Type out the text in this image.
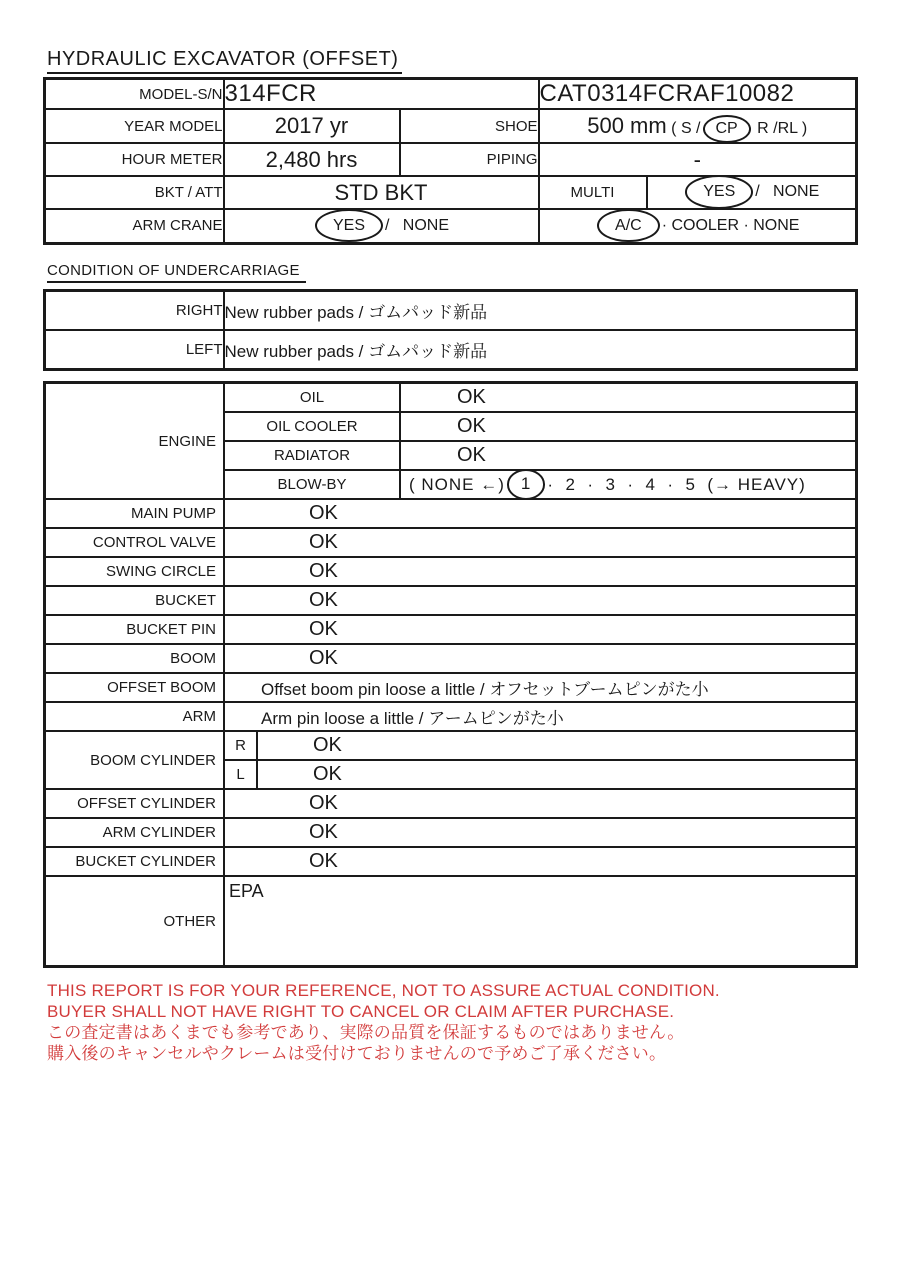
HYDRAULIC EXCAVATOR (OFFSET)
MODEL-S/N	314FCR		CAT0314FCRAF10082	
YEAR MODEL	2017 yr	SHOE	500 mm ( S / CP R /RL )	
HOUR METER	2,480 hrs	PIPING	-	
BKT / ATT	STD BKT		MULTI	YES /   NONE
ARM CRANE	YES /   NONE		A/C · COOLER · NONE	
CONDITION OF UNDERCARRIAGE
RIGHT	New rubber pads / ゴムパッド新品
LEFT	New rubber pads / ゴムパッド新品
ENGINE
OIL	OK
OIL COOLER	OK
RADIATOR	OK
BLOW-BY	( NONE ←) 1 ·  2  ·  3  ·  4  ·  5  (→ HEAVY)
MAIN PUMP	OK
CONTROL VALVE	OK
SWING CIRCLE	OK
BUCKET	OK
BUCKET PIN	OK
BOOM	OK
OFFSET BOOM	Offset boom pin loose a little / オフセットブームピンがた小
ARM	Arm pin loose a little / アームピンがた小
BOOM CYLINDER
R	OK
L	OK
OFFSET CYLINDER	OK
ARM CYLINDER	OK
BUCKET CYLINDER	OK
OTHER
EPA
THIS REPORT IS FOR YOUR REFERENCE, NOT TO ASSURE ACTUAL CONDITION.
BUYER SHALL NOT HAVE RIGHT TO CANCEL OR CLAIM AFTER PURCHASE.
この査定書はあくまでも参考であり、実際の品質を保証するものではありません。
購入後のキャンセルやクレームは受付けておりませんので予めご了承ください。
